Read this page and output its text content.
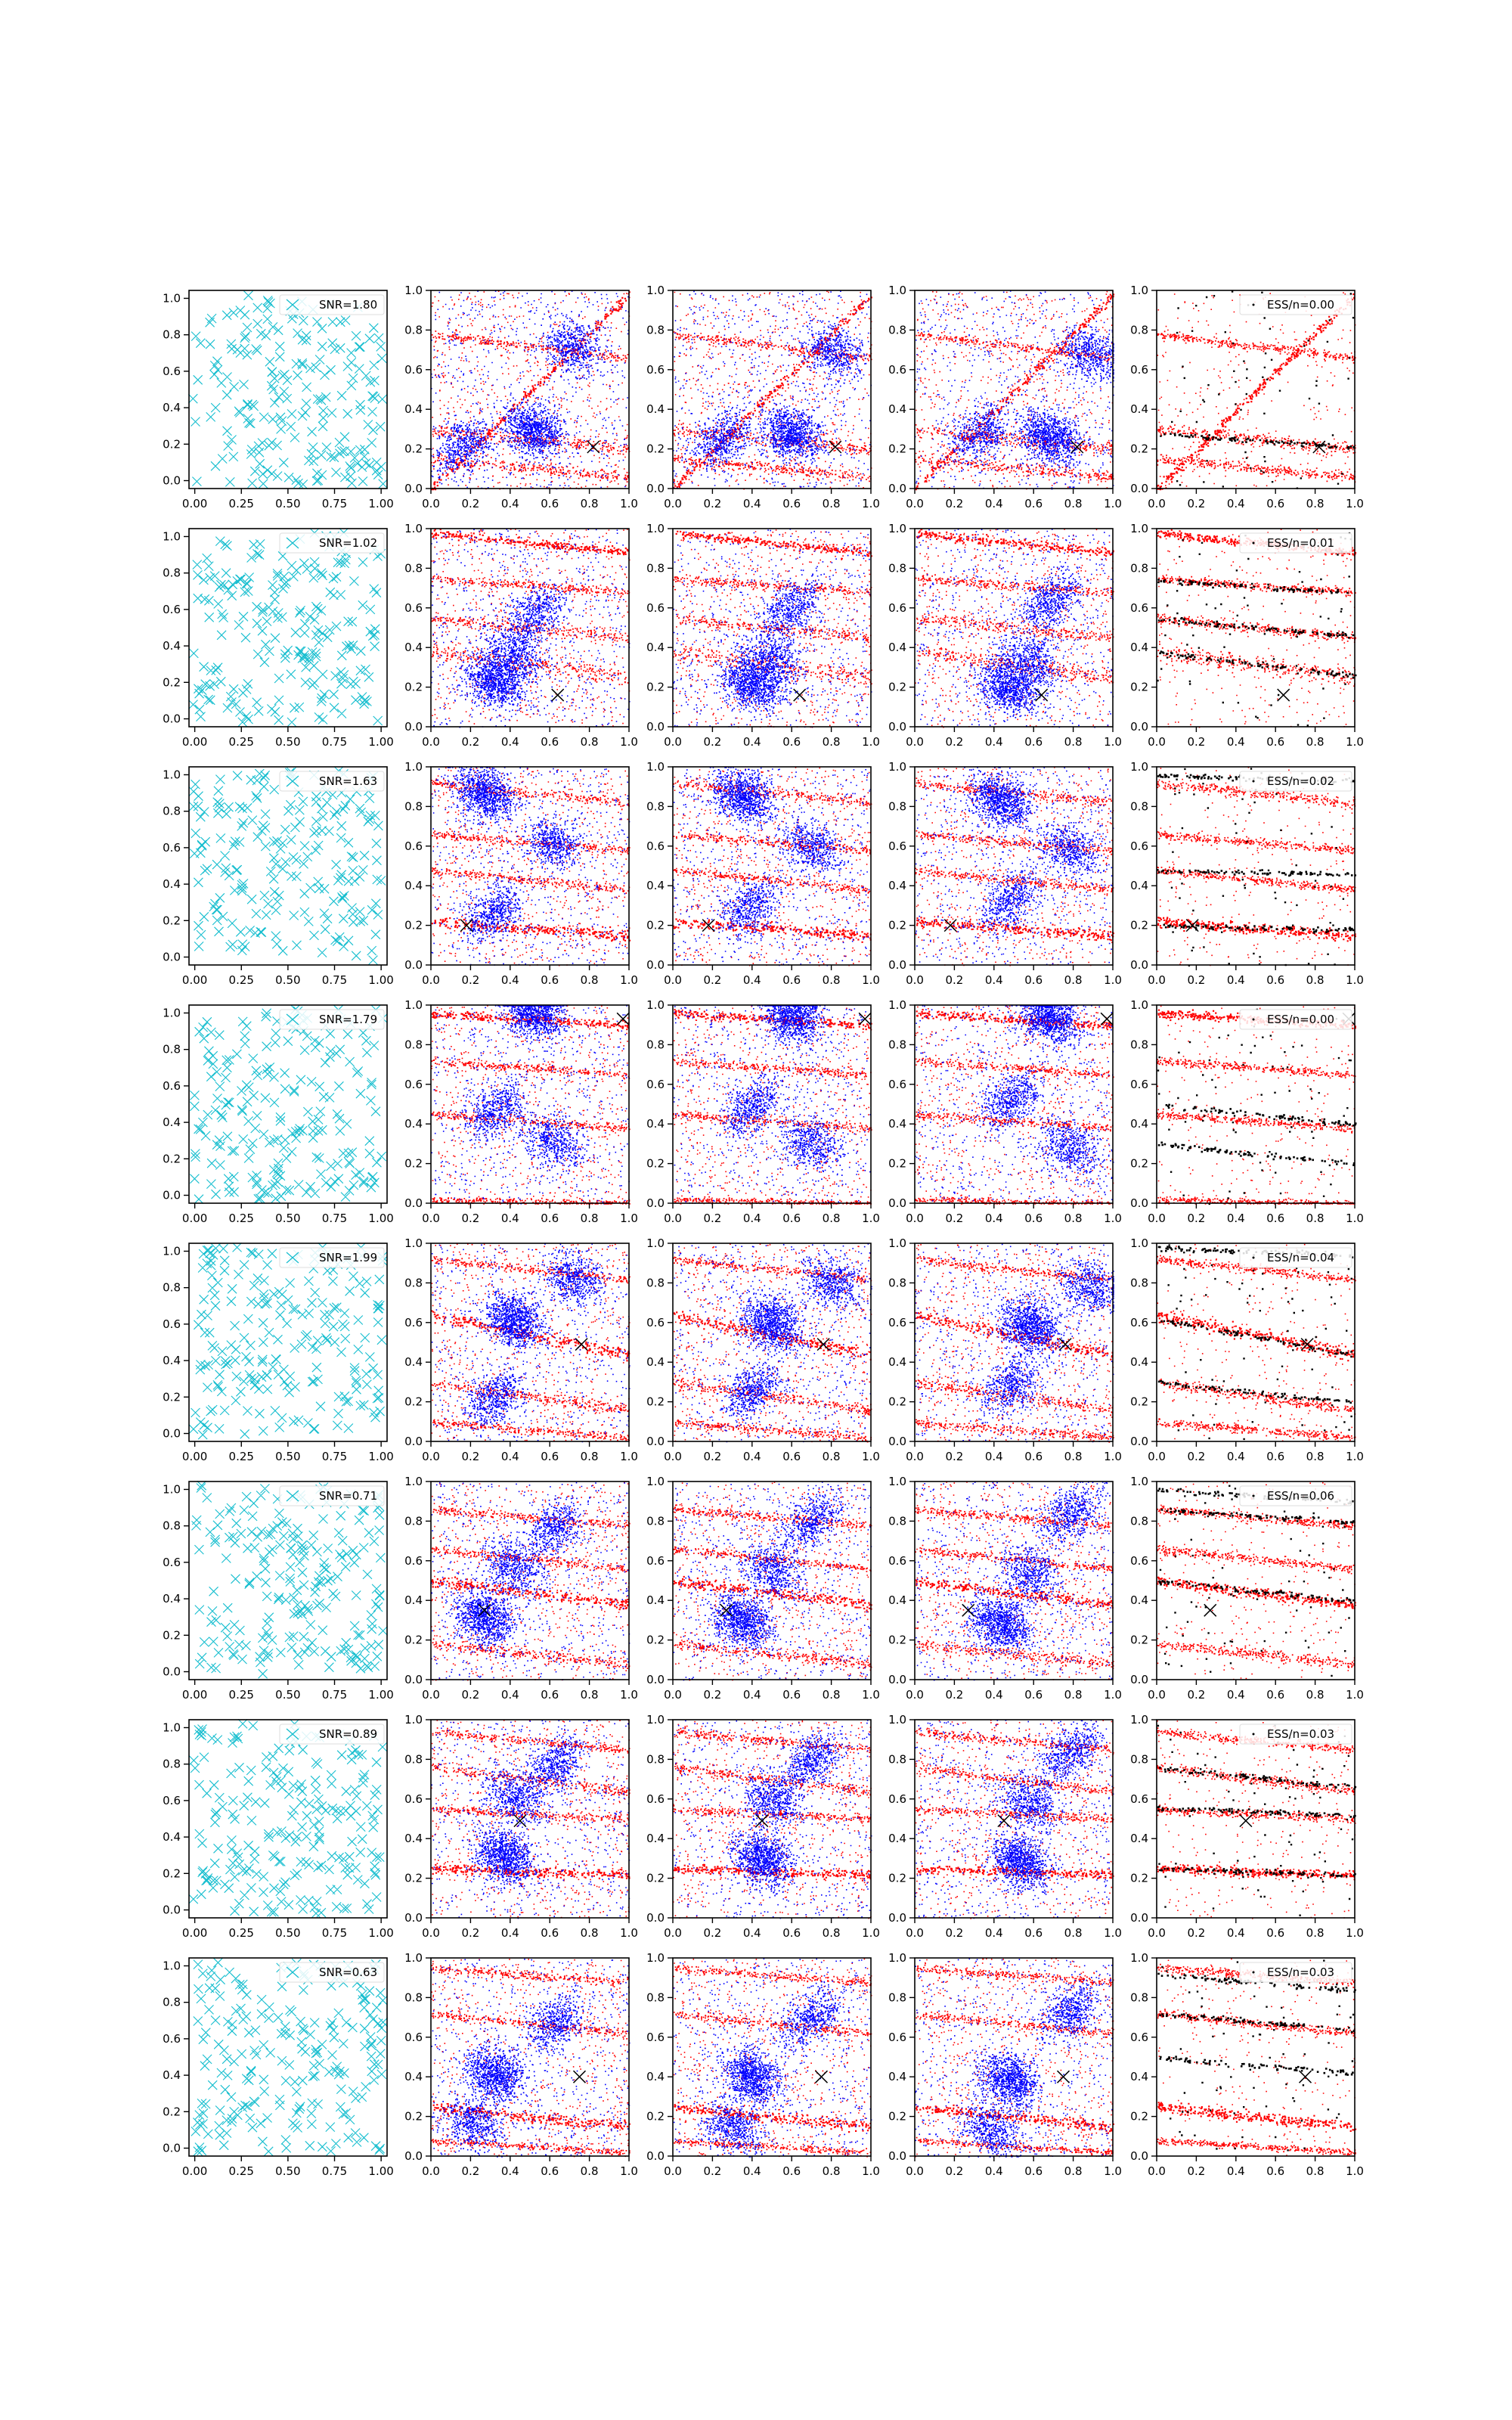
0.00 0.25 0.50 0.75 1.00
0.0
0.2
0.4
0.6
0.8
1.0	SNR=1.80
0.0 0.2 0.4 0.6 0.8 1.0
0.0
0.2
0.4
0.6
0.8
1.0
0.0 0.2 0.4 0.6 0.8 1.0
0.0
0.2
0.4
0.6
0.8
1.0
0.0 0.2 0.4 0.6 0.8 1.0
0.0
0.2
0.4
0.6
0.8
1.0
0.0 0.2 0.4 0.6 0.8 1.0
0.0
0.2
0.4
0.6
0.8
1.0
ESS/n=0.00
0.00 0.25 0.50 0.75 1.00
0.0
0.2
0.4
0.6
0.8
1.0	SNR=1.02
0.0 0.2 0.4 0.6 0.8 1.0
0.0
0.2
0.4
0.6
0.8
1.0
0.0 0.2 0.4 0.6 0.8 1.0
0.0
0.2
0.4
0.6
0.8
1.0
0.0 0.2 0.4 0.6 0.8 1.0
0.0
0.2
0.4
0.6
0.8
1.0
0.0 0.2 0.4 0.6 0.8 1.0
0.0
0.2
0.4
0.6
0.8
1.0
ESS/n=0.01
0.00 0.25 0.50 0.75 1.00
0.0
0.2
0.4
0.6
0.8
1.0	SNR=1.63
0.0 0.2 0.4 0.6 0.8 1.0
0.0
0.2
0.4
0.6
0.8
1.0
0.0 0.2 0.4 0.6 0.8 1.0
0.0
0.2
0.4
0.6
0.8
1.0
0.0 0.2 0.4 0.6 0.8 1.0
0.0
0.2
0.4
0.6
0.8
1.0
0.0 0.2 0.4 0.6 0.8 1.0
0.0
0.2
0.4
0.6
0.8
1.0
ESS/n=0.02
0.00 0.25 0.50 0.75 1.00
0.0
0.2
0.4
0.6
0.8
1.0	SNR=1.79
0.0 0.2 0.4 0.6 0.8 1.0
0.0
0.2
0.4
0.6
0.8
1.0
0.0 0.2 0.4 0.6 0.8 1.0
0.0
0.2
0.4
0.6
0.8
1.0
0.0 0.2 0.4 0.6 0.8 1.0
0.0
0.2
0.4
0.6
0.8
1.0
0.0 0.2 0.4 0.6 0.8 1.0
0.0
0.2
0.4
0.6
0.8
1.0
ESS/n=0.00
0.00 0.25 0.50 0.75 1.00
0.0
0.2
0.4
0.6
0.8
1.0	SNR=1.99
0.0 0.2 0.4 0.6 0.8 1.0
0.0
0.2
0.4
0.6
0.8
1.0
0.0 0.2 0.4 0.6 0.8 1.0
0.0
0.2
0.4
0.6
0.8
1.0
0.0 0.2 0.4 0.6 0.8 1.0
0.0
0.2
0.4
0.6
0.8
1.0
0.0 0.2 0.4 0.6 0.8 1.0
0.0
0.2
0.4
0.6
0.8
1.0
ESS/n=0.04
0.00 0.25 0.50 0.75 1.00
0.0
0.2
0.4
0.6
0.8
1.0	SNR=0.71
0.0 0.2 0.4 0.6 0.8 1.0
0.0
0.2
0.4
0.6
0.8
1.0
0.0 0.2 0.4 0.6 0.8 1.0
0.0
0.2
0.4
0.6
0.8
1.0
0.0 0.2 0.4 0.6 0.8 1.0
0.0
0.2
0.4
0.6
0.8
1.0
0.0 0.2 0.4 0.6 0.8 1.0
0.0
0.2
0.4
0.6
0.8
1.0
ESS/n=0.06
0.00 0.25 0.50 0.75 1.00
0.0
0.2
0.4
0.6
0.8
1.0	SNR=0.89
0.0 0.2 0.4 0.6 0.8 1.0
0.0
0.2
0.4
0.6
0.8
1.0
0.0 0.2 0.4 0.6 0.8 1.0
0.0
0.2
0.4
0.6
0.8
1.0
0.0 0.2 0.4 0.6 0.8 1.0
0.0
0.2
0.4
0.6
0.8
1.0
0.0 0.2 0.4 0.6 0.8 1.0
0.0
0.2
0.4
0.6
0.8
1.0
ESS/n=0.03
0.00 0.25 0.50 0.75 1.00
0.0
0.2
0.4
0.6
0.8
1.0	SNR=0.63
0.0 0.2 0.4 0.6 0.8 1.0
0.0
0.2
0.4
0.6
0.8
1.0
0.0 0.2 0.4 0.6 0.8 1.0
0.0
0.2
0.4
0.6
0.8
1.0
0.0 0.2 0.4 0.6 0.8 1.0
0.0
0.2
0.4
0.6
0.8
1.0
0.0 0.2 0.4 0.6 0.8 1.0
0.0
0.2
0.4
0.6
0.8
1.0
ESS/n=0.03
